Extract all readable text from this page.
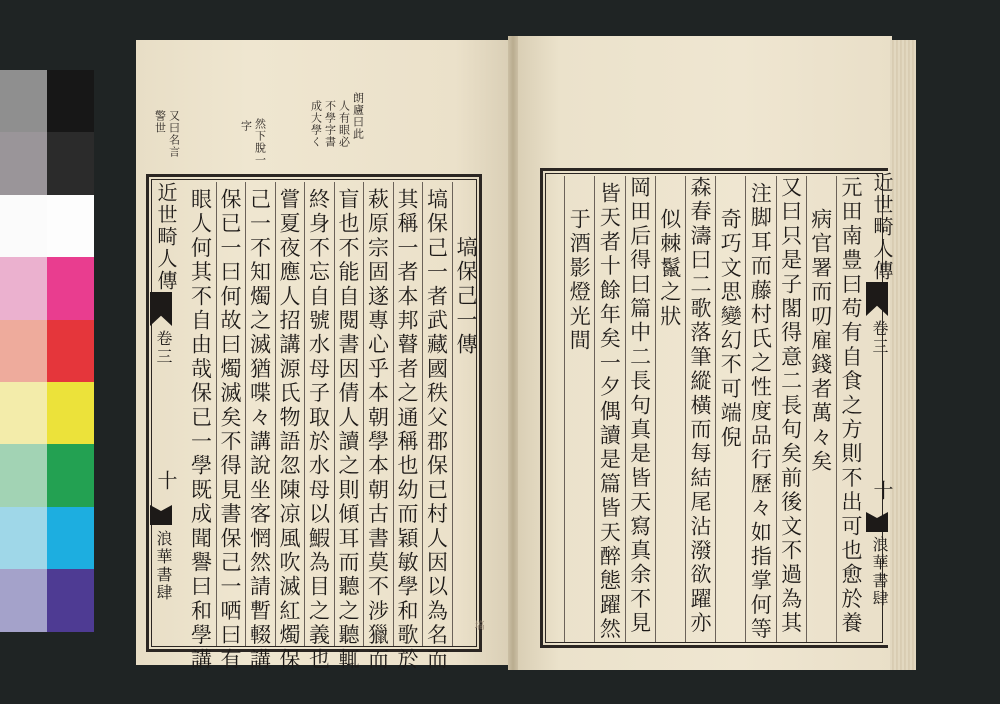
朗廬曰此
人有眼必
不學字書
成大學く
然下脫一
字
又曰名言
警世
近世畸人傳
卷三
十
浪華書肆
近世畸人傳
卷三
十
浪華書肆
塙保己一傳
塙保己一者武藏國秩父郡保已村人因以為名而
其稱一者本邦瞽者之通稱也幼而穎敏學和歌於
萩原宗固遂專心乎本朝學本朝古書莫不涉獵而
盲也不能自閱書因倩人讀之則傾耳而聽之聽輒
終身不忘自號水母子取於水母以鰕為目之義也
嘗夏夜應人招講源氏物語忽陳凉風吹滅紅燭保
己一不知燭之滅猶喋々講說坐客惘然請暫輟講
保已一曰何故曰燭滅矣不得見書保己一哂曰有
眼人何其不自由哉保已一學既成聞譽曰和學講	元田南豊曰苟有自食之方則不出可也愈於養
病官署而叨雇錢者萬々矣
又曰只是子閣得意二長句矣前後文不過為其
注脚耳而藤村氏之性度品行歷々如指掌何等
奇巧文思變幻不可端倪
森春濤曰二歌落筆縱橫而每結尾沾潑欲躍亦
似棘鬣之狀
岡田后得曰篇中二長句真是皆天寫真余不見
皆天者十餘年矣一夕偶讀是篇皆天醉態躍然
于酒影燈光間
塙
